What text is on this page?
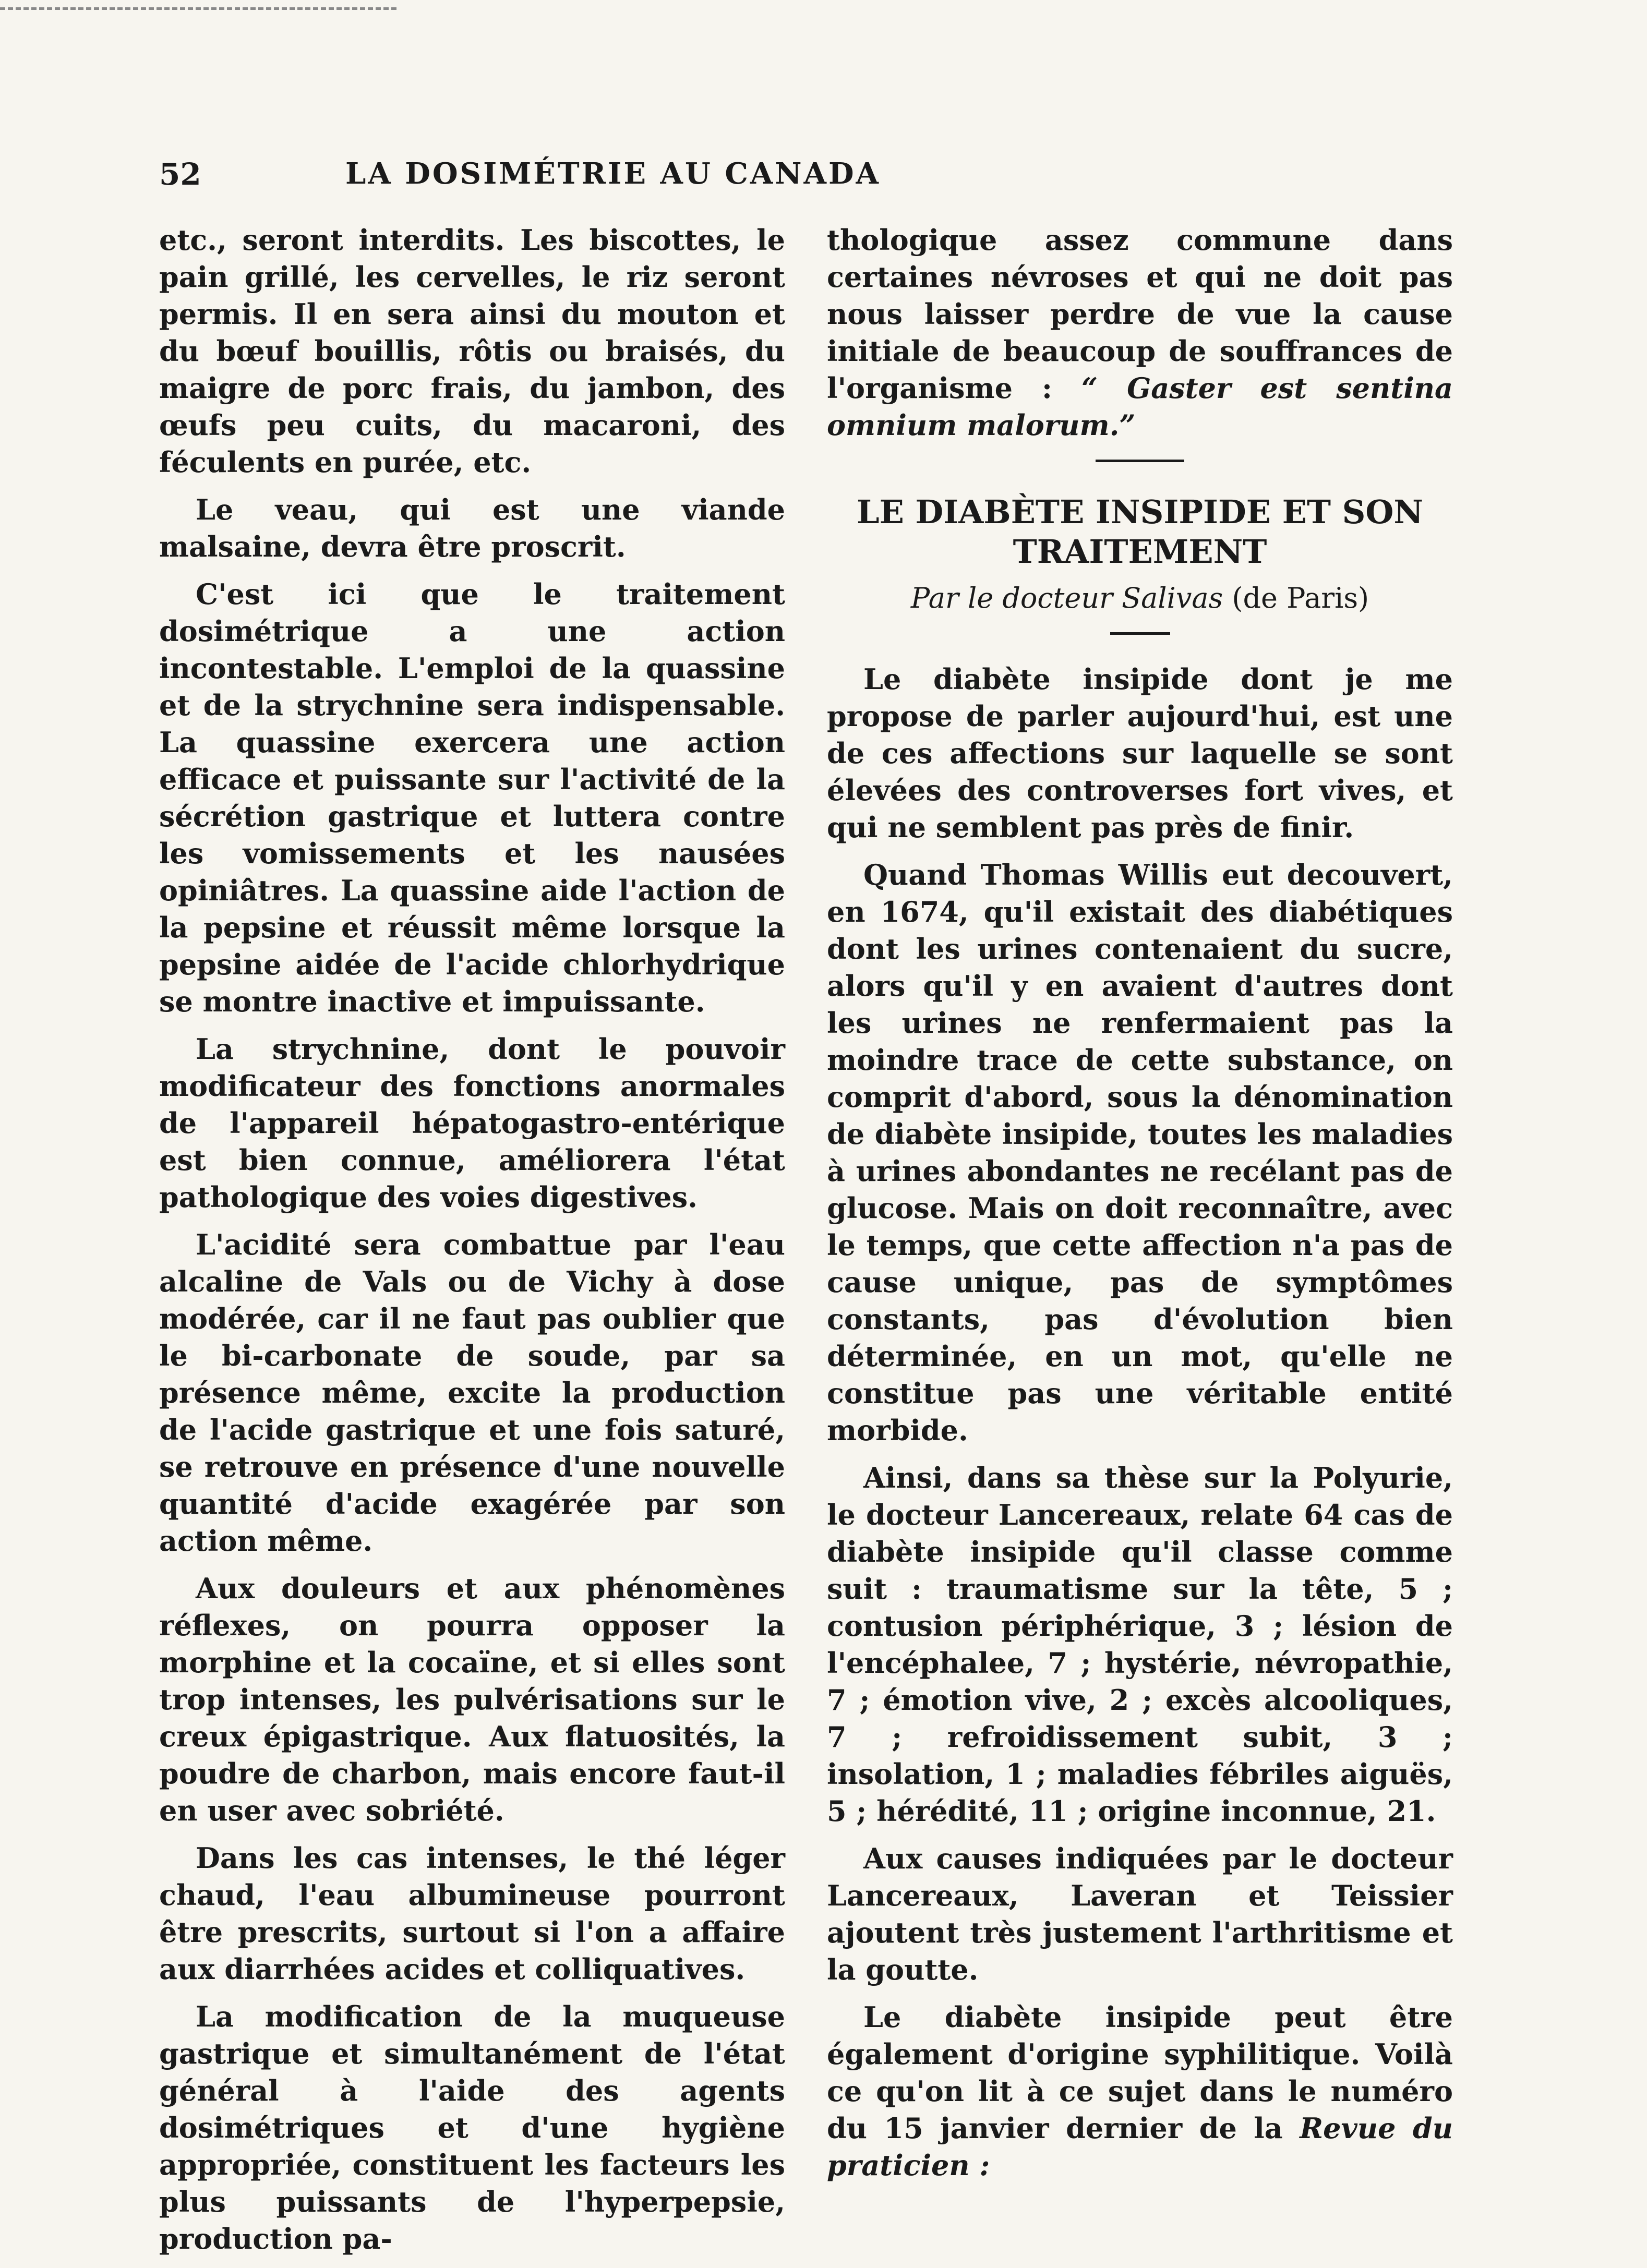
52	LA DOSIMÉTRIE AU CANADA

etc., seront interdits. Les biscottes, le pain grillé, les cervelles, le riz seront permis. Il en sera ainsi du mouton et du bœuf bouillis, rôtis ou braisés, du maigre de porc frais, du jambon, des œufs peu cuits, du macaroni, des féculents en purée, etc.

Le veau, qui est une viande malsaine, devra être proscrit.

C'est ici que le traitement dosimétrique a une action incontestable. L'emploi de la quassine et de la strychnine sera indispensable. La quassine exercera une action efficace et puissante sur l'activité de la sécrétion gastrique et luttera contre les vomissements et les nausées opiniâtres. La quassine aide l'action de la pepsine et réussit même lorsque la pepsine aidée de l'acide chlorhydrique se montre inactive et impuissante.

La strychnine, dont le pouvoir modificateur des fonctions anormales de l'appareil hépatogastro-entérique est bien connue, améliorera l'état pathologique des voies digestives.

L'acidité sera combattue par l'eau alcaline de Vals ou de Vichy à dose modérée, car il ne faut pas oublier que le bi-carbonate de soude, par sa présence même, excite la production de l'acide gastrique et une fois saturé, se retrouve en présence d'une nouvelle quantité d'acide exagérée par son action même.

Aux douleurs et aux phénomènes réflexes, on pourra opposer la morphine et la cocaïne, et si elles sont trop intenses, les pulvérisations sur le creux épigastrique. Aux flatuosités, la poudre de charbon, mais encore faut-il en user avec sobriété.

Dans les cas intenses, le thé léger chaud, l'eau albumineuse pourront être prescrits, surtout si l'on a affaire aux diarrhées acides et colliquatives.

La modification de la muqueuse gastrique et simultanément de l'état général à l'aide des agents dosimétriques et d'une hygiène appropriée, constituent les facteurs les plus puissants de l'hyperpepsie, production pa-

thologique assez commune dans certaines névroses et qui ne doit pas nous laisser perdre de vue la cause initiale de beaucoup de souffrances de l'organisme : “ Gaster est sentina omnium malorum.”

LE DIABÈTE INSIPIDE ET SON TRAITEMENT
Par le docteur Salivas (de Paris)

Le diabète insipide dont je me propose de parler aujourd'hui, est une de ces affections sur laquelle se sont élevées des controverses fort vives, et qui ne semblent pas près de finir.

Quand Thomas Willis eut decouvert, en 1674, qu'il existait des diabétiques dont les urines contenaient du sucre, alors qu'il y en avaient d'autres dont les urines ne renfermaient pas la moindre trace de cette substance, on comprit d'abord, sous la dénomination de diabète insipide, toutes les maladies à urines abondantes ne recélant pas de glucose. Mais on doit reconnaître, avec le temps, que cette affection n'a pas de cause unique, pas de symptômes constants, pas d'évolution bien déterminée, en un mot, qu'elle ne constitue pas une véritable entité morbide.

Ainsi, dans sa thèse sur la Polyurie, le docteur Lancereaux, relate 64 cas de diabète insipide qu'il classe comme suit : traumatisme sur la tête, 5 ; contusion périphérique, 3 ; lésion de l'encéphalee, 7 ; hystérie, névropathie, 7 ; émotion vive, 2 ; excès alcooliques, 7 ; refroidissement subit, 3 ; insolation, 1 ; maladies fébriles aiguës, 5 ; hérédité, 11 ; origine inconnue, 21.

Aux causes indiquées par le docteur Lancereaux, Laveran et Teissier ajoutent très justement l'arthritisme et la goutte.

Le diabète insipide peut être également d'origine syphilitique. Voilà ce qu'on lit à ce sujet dans le numéro du 15 janvier dernier de la Revue du praticien :
